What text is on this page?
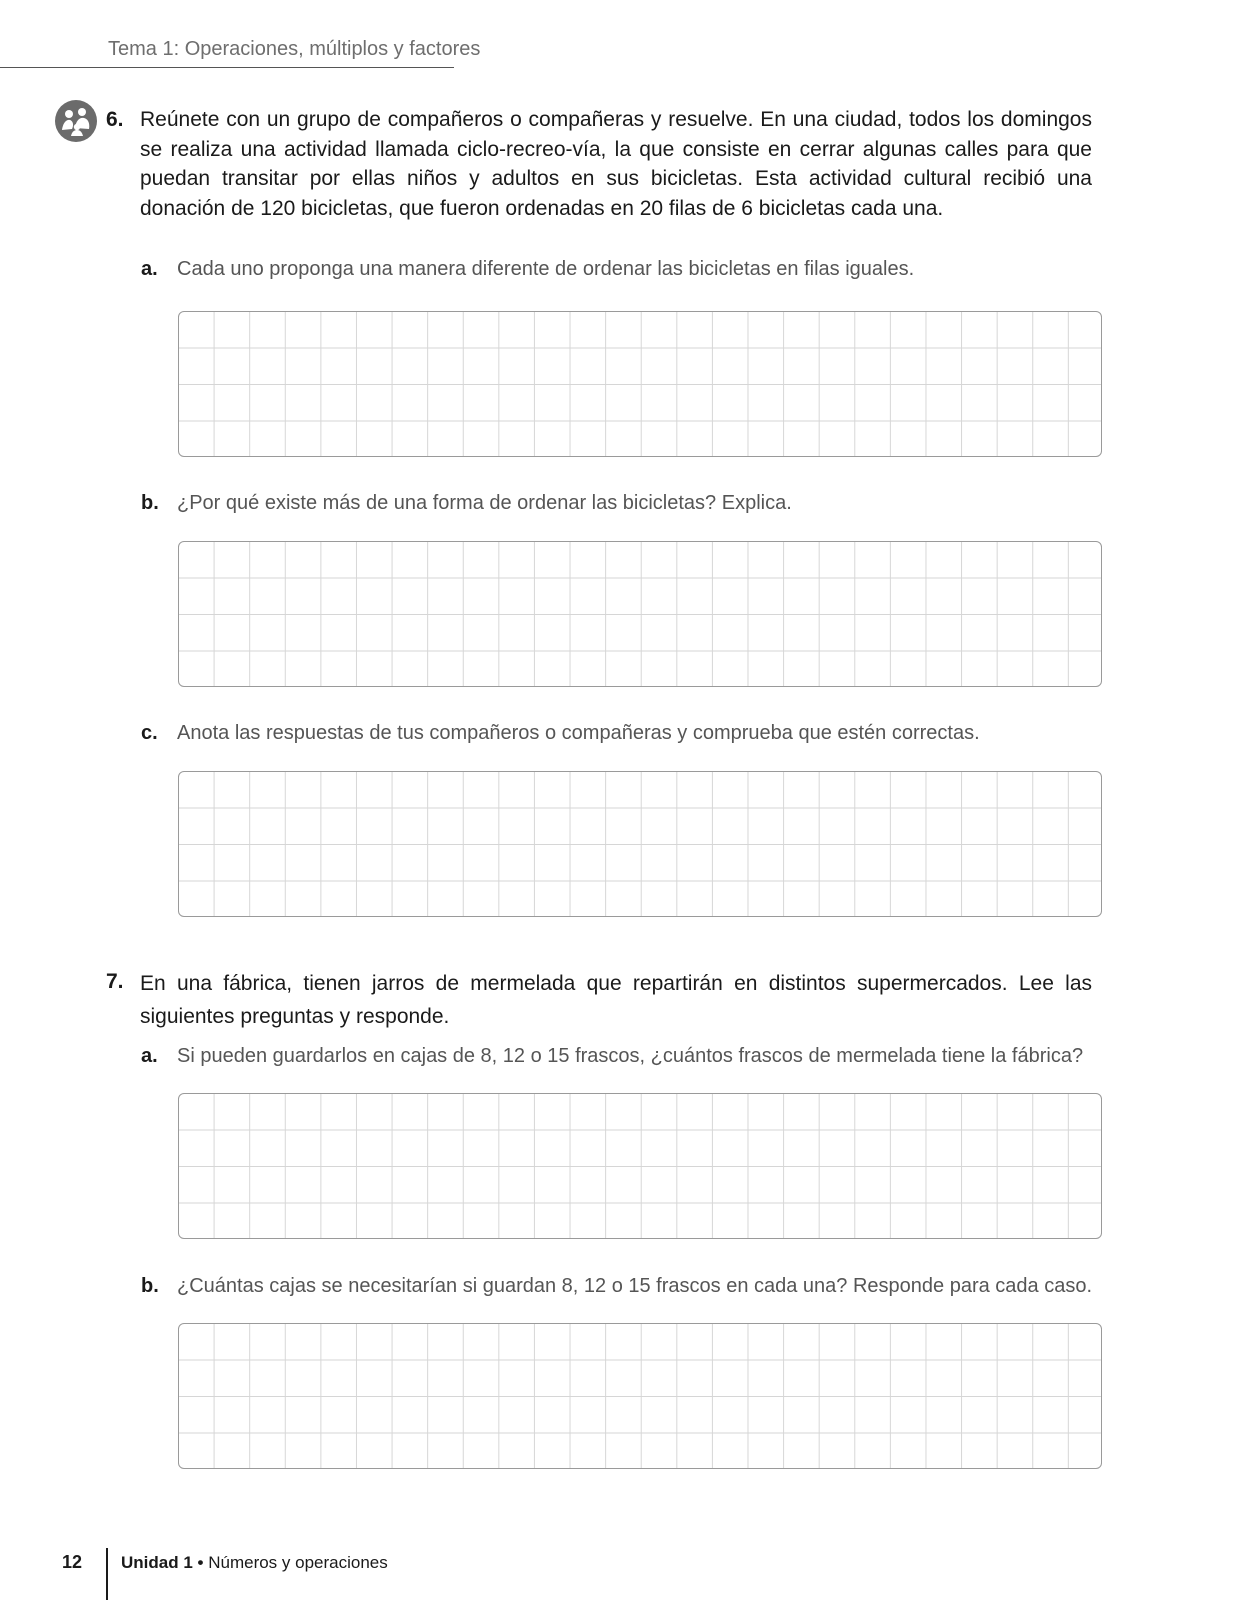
Tema 1: Operaciones, múltiplos y factores
6. Reúnete con un grupo de compañeros o compañeras y resuelve. En una ciudad, todos los domingos se realiza una actividad llamada ciclo-recreo-vía, la que consiste en cerrar algunas calles para que puedan transitar por ellas niños y adultos en sus bicicletas. Esta actividad cultural recibió una donación de 120 bicicletas, que fueron ordenadas en 20 filas de 6 bicicletas cada una.

a. Cada uno proponga una manera diferente de ordenar las bicicletas en filas iguales.

b. ¿Por qué existe más de una forma de ordenar las bicicletas? Explica.

c. Anota las respuestas de tus compañeros o compañeras y comprueba que estén correctas.

7. En una fábrica, tienen jarros de mermelada que repartirán en distintos supermercados. Lee las siguientes preguntas y responde.

a. Si pueden guardarlos en cajas de 8, 12 o 15 frascos, ¿cuántos frascos de mermelada tiene la fábrica?

b. ¿Cuántas cajas se necesitarían si guardan 8, 12 o 15 frascos en cada una? Responde para cada caso.

12 Unidad 1 • Números y operaciones
